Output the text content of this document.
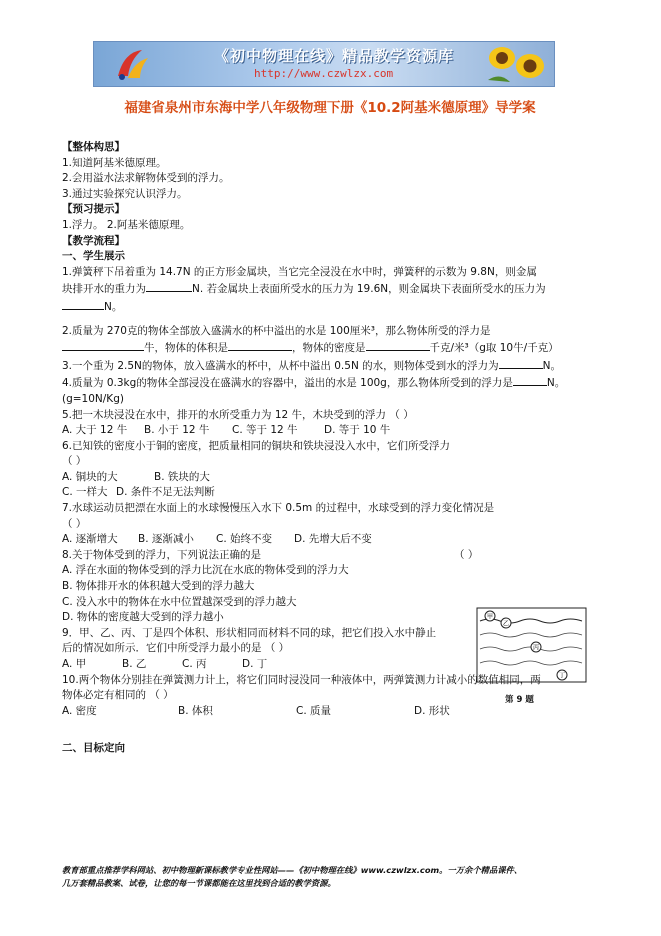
《初中物理在线》精品教学资源库
http://www.czwlzx.com
福建省泉州市东海中学八年级物理下册《10.2阿基米德原理》导学案

【整体构思】

1.知道阿基米德原理。

2.会用溢水法求解物体受到的浮力。

3.通过实验探究认识浮力。

【预习提示】

1.浮力。 2.阿基米德原理。

【教学流程】

一、学生展示

1.弹簧秤下吊着重为 14.7N 的正方形金属块，当它完全浸没在水中时，弹簧秤的示数为 9.8N，则金属

块排开水的重力为	N. 若金属块上表面所受水的压力为 19.6N，则金属块下表面所受水的压力为

N。

2.质量为 270克的物体全部放入盛满水的杯中溢出的水是 100厘米³，那么物体所受的浮力是

牛，物体的体积是	，物体的密度是	千克/米³（g取 10牛/千克）

3.一个重为 2.5N的物体，放入盛满水的杯中，从杯中溢出 0.5N 的水，则物体受到水的浮力为	N。

4.质量为 0.3kg的物体全部浸没在盛满水的容器中，溢出的水是 100g，那么物体所受到的浮力是	N。

(g=10N/Kg)

5.把一木块浸没在水中，排开的水所受重力为 12 牛，木块受到的浮力 （ ）

A. 大于 12 牛	B. 小于 12 牛	C. 等于 12 牛	D. 等于 10 牛

6.已知铁的密度小于铜的密度，把质量相同的铜块和铁块浸没入水中，它们所受浮力

（ ）

A. 铜块的大	B. 铁块的大
C. 一样大 D. 条件不足无法判断

7.水球运动员把漂在水面上的水球慢慢压入水下 0.5m 的过程中，水球受到的浮力变化情况是

（ ）

A. 逐渐增大	B. 逐渐减小	C. 始终不变	D. 先增大后不变

8.关于物体受到的浮力，下列说法正确的是	（ ）

A. 浮在水面的物体受到的浮力比沉在水底的物体受到的浮力大

B. 物体排开水的体积越大受到的浮力越大

C. 没入水中的物体在水中位置越深受到的浮力越大

D. 物体的密度越大受到的浮力越小

9．甲、乙、丙、丁是四个体积、形状相同而材料不同的球，把它们投入水中静止

后的情况如所示．它们中所受浮力最小的是 （ ）

A. 甲	B. 乙	C. 丙	D. 丁

10.两个物体分别挂在弹簧测力计上，将它们同时浸没同一种液体中，两弹簧测力计减小的数值相同，两

物体必定有相同的 （ ）

A. 密度	B. 体积	C. 质量	D. 形状

二、目标定向

甲
乙
丙
丁
第 9 题
教育部重点推荐学科网站、初中物理新课标教学专业性网站——《初中物理在线》www.czwlzx.com。一万余个精品课件、
几万套精品教案、试卷，让您的每一节课都能在这里找到合适的教学资源。
